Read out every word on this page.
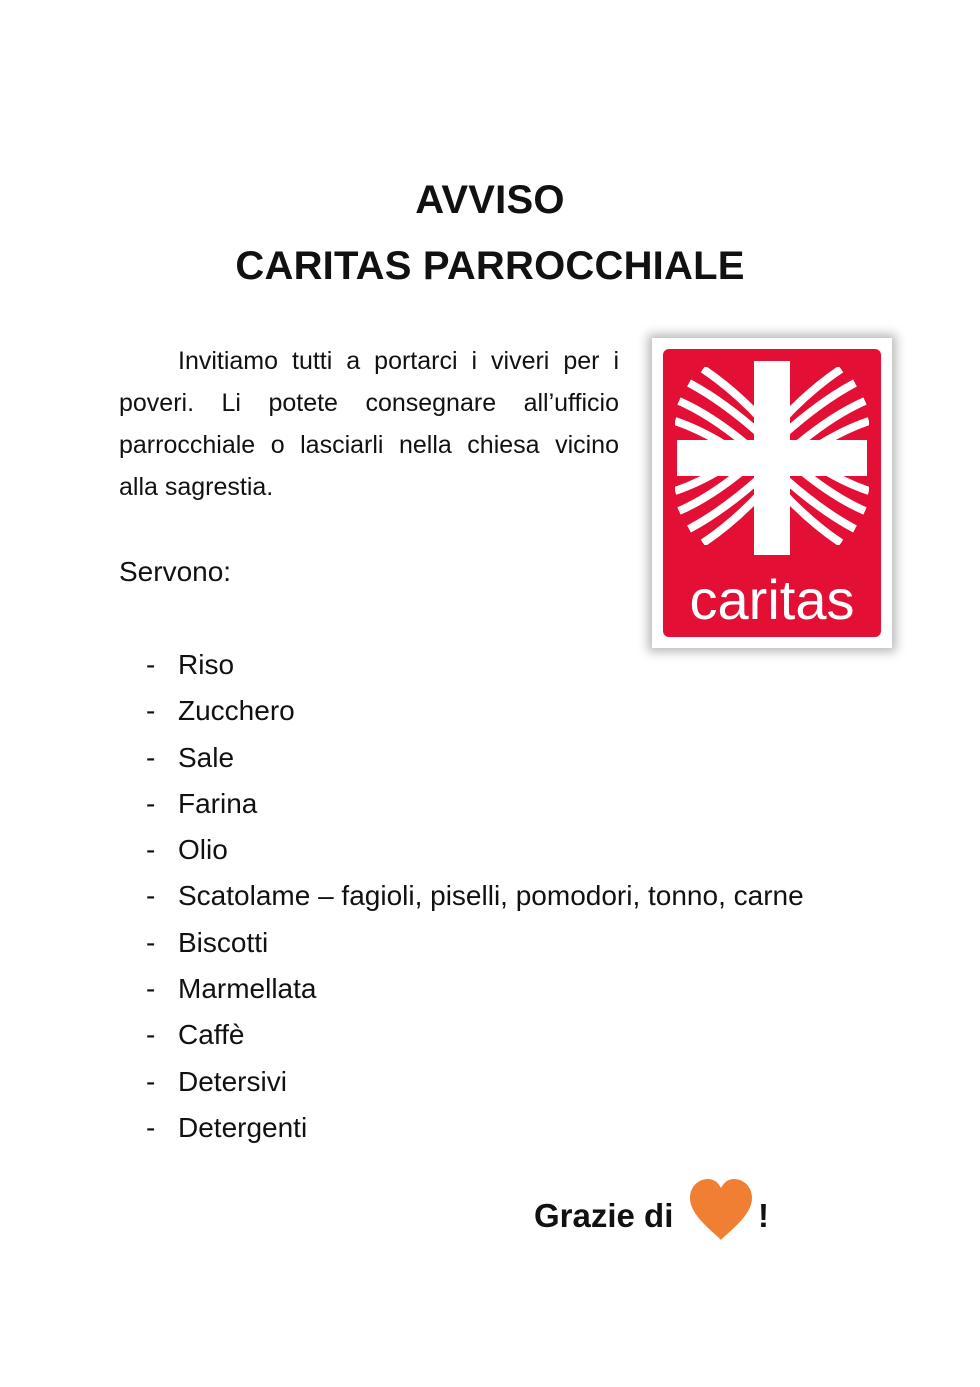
AVVISO
CARITAS PARROCCHIALE

Invitiamo tutti a portarci i viveri per i poveri. Li potete consegnare all’ufficio parrocchiale o lasciarli nella chiesa vicino alla sagrestia.

caritas

Servono:

- Riso
- Zucchero
- Sale
- Farina
- Olio
- Scatolame – fagioli, piselli, pomodori, tonno, carne
- Biscotti
- Marmellata
- Caffè
- Detersivi
- Detergenti
Grazie di	!
